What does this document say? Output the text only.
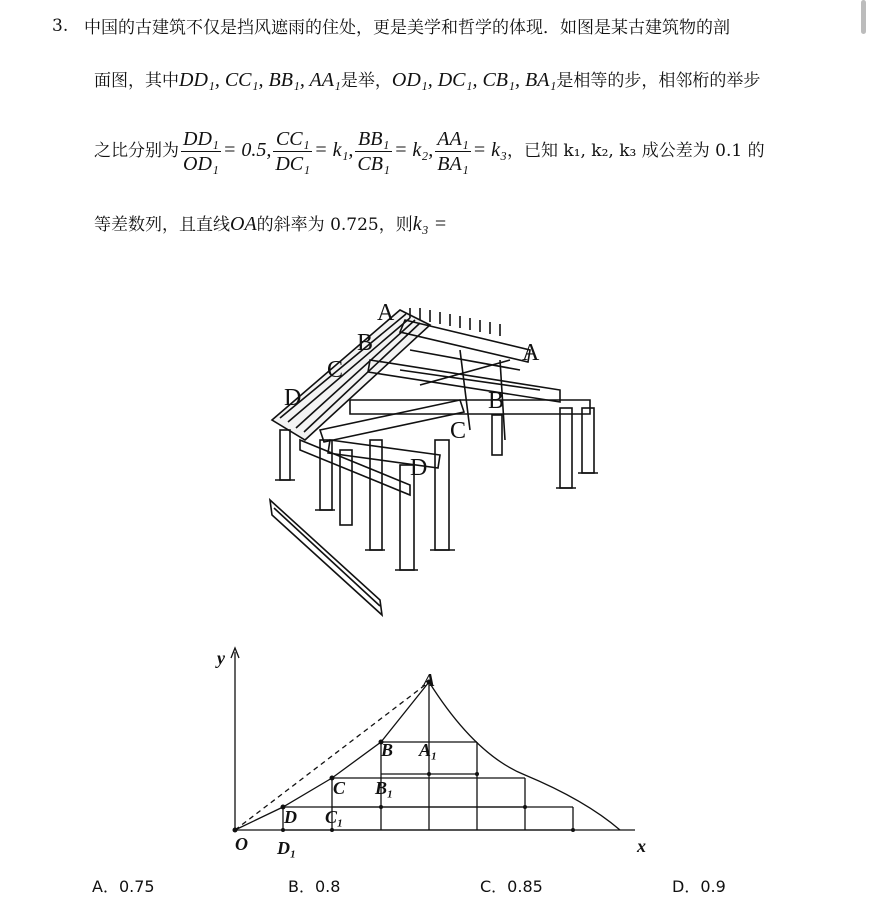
3. 中国的古建筑不仅是挡风遮雨的住处，更是美学和哲学的体现．如图是某古建筑物的剖
面图，其中DD₁, CC₁, BB₁, AA₁是举，OD₁, DC₁, CB₁, BA₁是相等的步，相邻桁的举步
之比分别为 $\frac{\text{DD₁}}{\text{OD₁}} = 0.5$, $\frac{\text{CC₁}}{\text{DC₁}} = k_1$, $\frac{\text{BB₁}}{\text{CB₁}} = k_2$, $\frac{\text{AA₁}}{\text{BA₁}} = k_3$，已知 k₁, k₂, k₃ 成公差为 0.1 的
等差数列，且直线OA的斜率为 0.725，则k₃ =
A
B
C
D
A
B
C
D
y
x
O
A
B
C
D
A₁
B₁
C₁
D₁
A．0.75	B．0.8	C．0.85	D．0.9
